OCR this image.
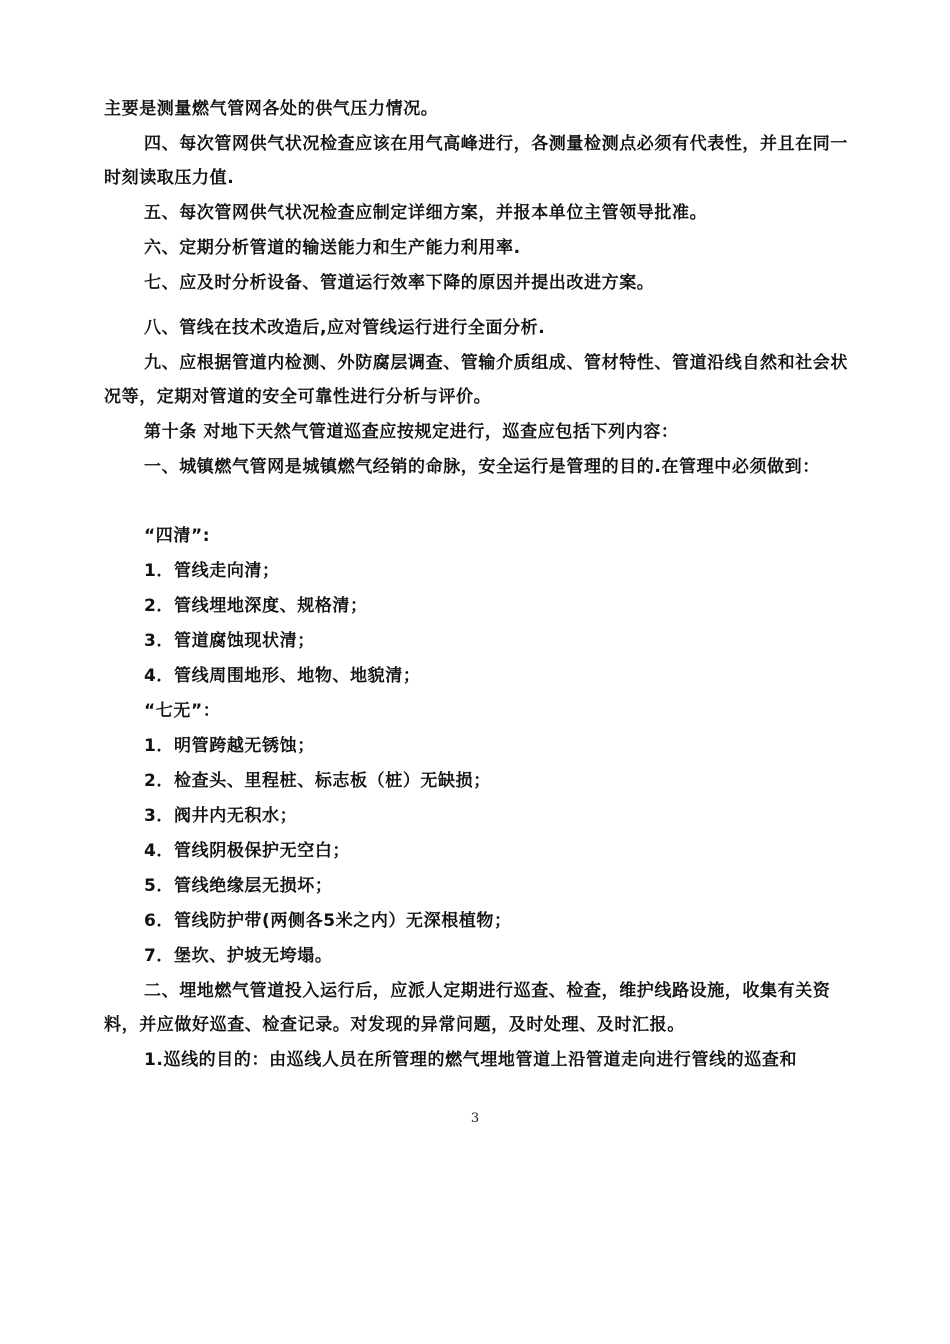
主要是测量燃气管网各处的供气压力情况。

四、每次管网供气状况检查应该在用气高峰进行，各测量检测点必须有代表性，并且在同一时刻读取压力值.

五、每次管网供气状况检查应制定详细方案，并报本单位主管领导批准。

六、定期分析管道的输送能力和生产能力利用率.

七、应及时分析设备、管道运行效率下降的原因并提出改进方案。

八、管线在技术改造后,应对管线运行进行全面分析.

九、应根据管道内检测、外防腐层调查、管输介质组成、管材特性、管道沿线自然和社会状况等，定期对管道的安全可靠性进行分析与评价。

第十条 对地下天然气管道巡查应按规定进行，巡查应包括下列内容：

一、城镇燃气管网是城镇燃气经销的命脉，安全运行是管理的目的.在管理中必须做到：

“四清”:

1．管线走向清；

2．管线埋地深度、规格清；

3．管道腐蚀现状清；

4．管线周围地形、地物、地貌清；

“七无”：

1．明管跨越无锈蚀；

2．检查头、里程桩、标志板（桩）无缺损；

3．阀井内无积水；

4．管线阴极保护无空白；

5．管线绝缘层无损坏；

6．管线防护带(两侧各5米之内）无深根植物；

7．堡坎、护坡无垮塌。

二、埋地燃气管道投入运行后，应派人定期进行巡查、检查，维护线路设施，收集有关资料，并应做好巡查、检查记录。对发现的异常问题，及时处理、及时汇报。

1.巡线的目的：由巡线人员在所管理的燃气埋地管道上沿管道走向进行管线的巡查和

3
